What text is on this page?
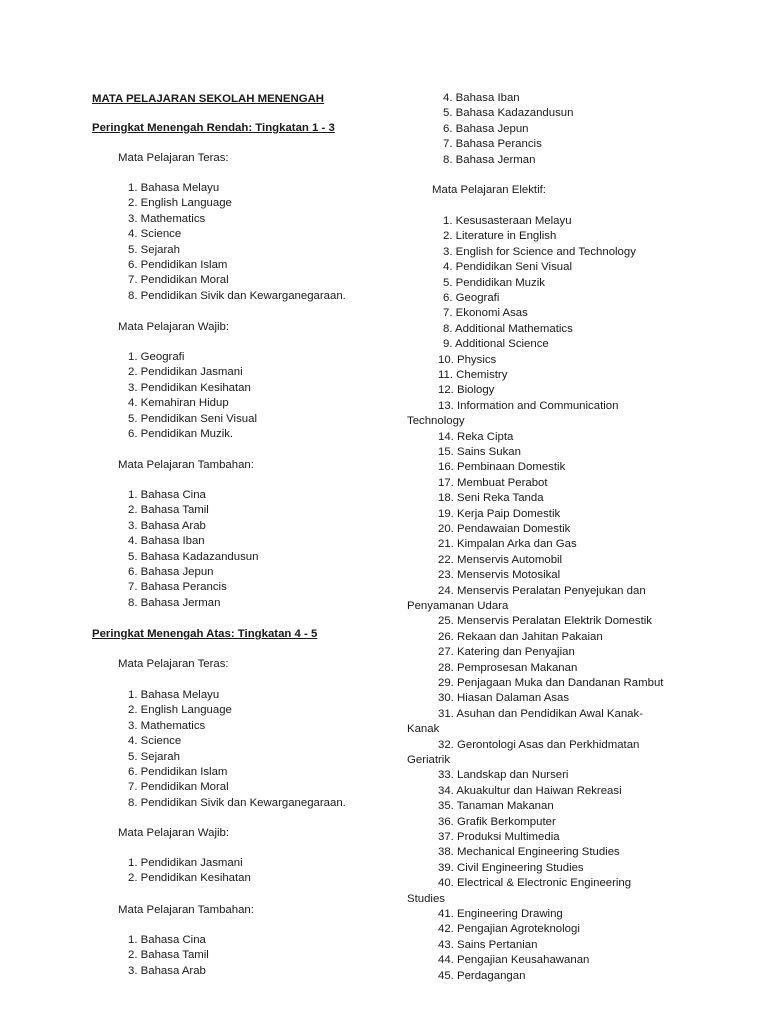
MATA PELAJARAN SEKOLAH MENENGAH
Peringkat Menengah Rendah: Tingkatan 1 - 3
Mata Pelajaran Teras:
1. Bahasa Melayu
2. English Language
3. Mathematics
4. Science
5. Sejarah
6. Pendidikan Islam
7. Pendidikan Moral
8. Pendidikan Sivik dan Kewarganegaraan.
Mata Pelajaran Wajib:
1. Geografi
2. Pendidikan Jasmani
3. Pendidikan Kesihatan
4. Kemahiran Hidup
5. Pendidikan Seni Visual
6. Pendidikan Muzik.
Mata Pelajaran Tambahan:
1. Bahasa Cina
2. Bahasa Tamil
3. Bahasa Arab
4. Bahasa Iban
5. Bahasa Kadazandusun
6. Bahasa Jepun
7. Bahasa Perancis
8. Bahasa Jerman
Peringkat Menengah Atas: Tingkatan 4 - 5
Mata Pelajaran Teras:
1. Bahasa Melayu
2. English Language
3. Mathematics
4. Science
5. Sejarah
6. Pendidikan Islam
7. Pendidikan Moral
8. Pendidikan Sivik dan Kewarganegaraan.
Mata Pelajaran Wajib:
1. Pendidikan Jasmani
2. Pendidikan Kesihatan
Mata Pelajaran Tambahan:
1. Bahasa Cina
2. Bahasa Tamil
3. Bahasa Arab
4. Bahasa Iban
5. Bahasa Kadazandusun
6. Bahasa Jepun
7. Bahasa Perancis
8. Bahasa Jerman
Mata Pelajaran Elektif:
1. Kesusasteraan Melayu
2. Literature in English
3. English for Science and Technology
4. Pendidikan Seni Visual
5. Pendidikan Muzik
6. Geografi
7. Ekonomi Asas
8. Additional Mathematics
9. Additional Science
10. Physics
11. Chemistry
12. Biology
13. Information and Communication Technology
14. Reka Cipta
15. Sains Sukan
16. Pembinaan Domestik
17. Membuat Perabot
18. Seni Reka Tanda
19. Kerja Paip Domestik
20. Pendawaian Domestik
21. Kimpalan Arka dan Gas
22. Menservis Automobil
23. Menservis Motosikal
24. Menservis Peralatan Penyejukan dan Penyamanan Udara
25. Menservis Peralatan Elektrik Domestik
26. Rekaan dan Jahitan Pakaian
27. Katering dan Penyajian
28. Pemprosesan Makanan
29. Penjagaan Muka dan Dandanan Rambut
30. Hiasan Dalaman Asas
31. Asuhan dan Pendidikan Awal Kanak-Kanak
32. Gerontologi Asas dan Perkhidmatan Geriatrik
33. Landskap dan Nurseri
34. Akuakultur dan Haiwan Rekreasi
35. Tanaman Makanan
36. Grafik Berkomputer
37. Produksi Multimedia
38. Mechanical Engineering Studies
39. Civil Engineering Studies
40. Electrical & Electronic Engineering Studies
41. Engineering Drawing
42. Pengajian Agroteknologi
43. Sains Pertanian
44. Pengajian Keusahawanan
45. Perdagangan
